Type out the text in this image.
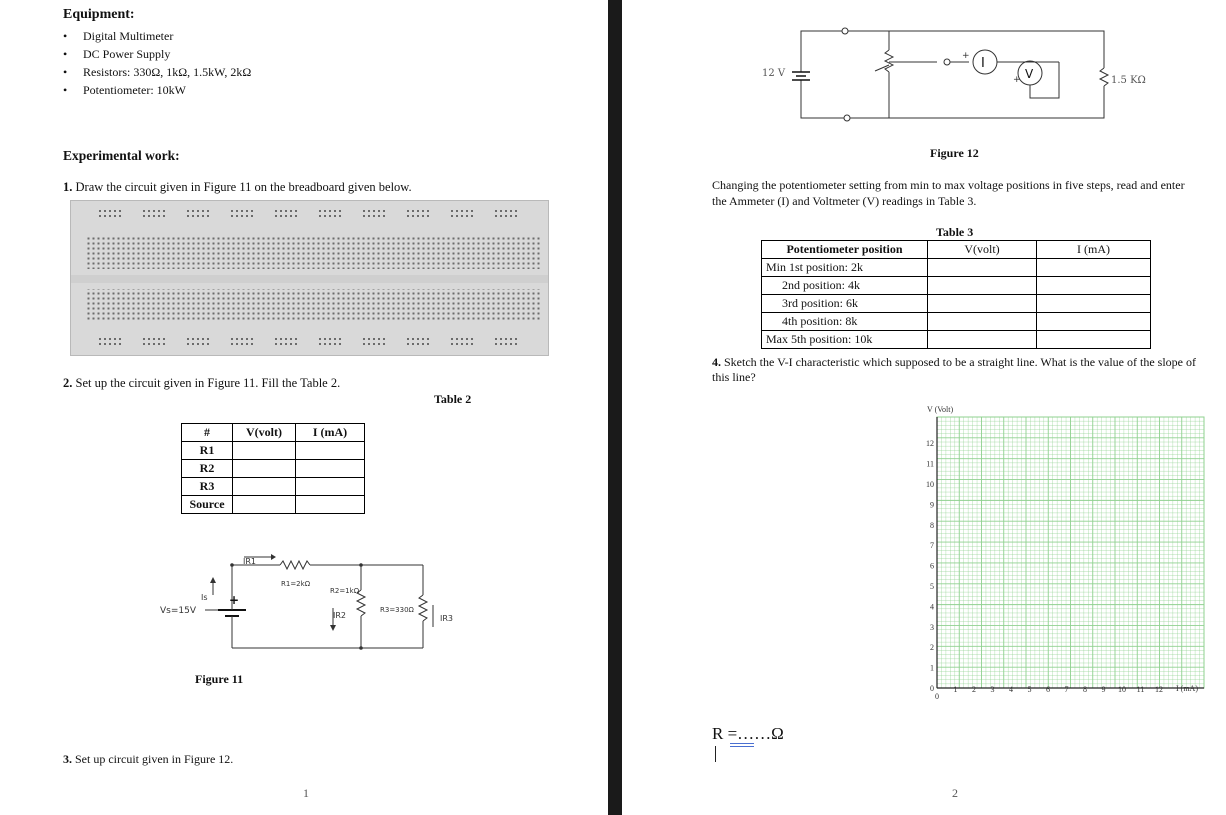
Equipment:
• Digital Multimeter
• DC Power Supply
• Resistors: 330Ω, 1kΩ, 1.5kW, 2kΩ
• Potentiometer: 10kW
Experimental work:
1. Draw the circuit given in Figure 11 on the breadboard given below.
2. Set up the circuit given in Figure 11. Fill the Table 2.
Table 2
#	V(volt)	I (mA)
R1		
R2		
R3		
Source		
Vs=15V
Is +
IR1
R1=2kΩ
R2=1kΩ
IR2
R3=330Ω
IR3
Figure 11
3. Set up circuit given in Figure 12.
1
12 V
+ I
+ V	1.5 KΩ
Figure 12
Changing the potentiometer setting from min to max voltage positions in five steps, read and enter the Ammeter (I) and Voltmeter (V) readings in Table 3.
Table 3
Potentiometer position	V(volt)	I (mA)
Min 1st position: 2k		
2nd position: 4k		
3rd position: 6k		
4th position: 8k		
Max 5th position: 10k		
4. Sketch the V-I characteristic which supposed to be a straight line. What is the value of the slope of this line?
V (Volt)
I (mA)
0
1
2
3
4
5
6
7
8
9
10
11
12
0
1 2 3 4 5 6 7 8 9 10 11 12
R =……Ω
2
